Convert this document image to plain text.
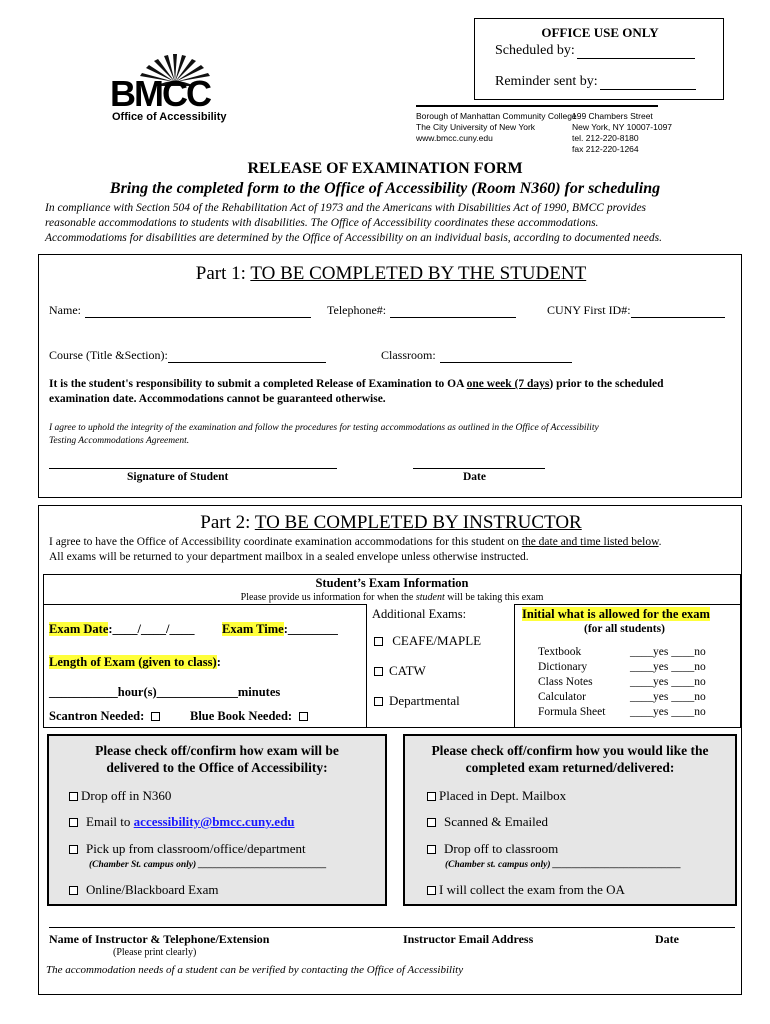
OFFICE USE ONLY
Scheduled by:
Reminder sent by:
BMCC
Office of Accessibility	Borough of Manhattan Community College
The City University of New York
www.bmcc.cuny.edu
199 Chambers Street
New York, NY 10007-1097
tel. 212-220-8180
fax 212-220-1264
RELEASE OF EXAMINATION FORM
Bring the completed form to the Office of Accessibility (Room N360) for scheduling
In compliance with Section 504 of the Rehabilitation Act of 1973 and the Americans with Disabilities Act of 1990, BMCC provides
reasonable accommodations to students with disabilities. The Office of Accessibility coordinates these accommodations.
Accommodatioms for disabilities are determined by the Office of Accessibility on an individual basis, according to documented needs.
Part 1: TO BE COMPLETED BY THE STUDENT
Name:	Telephone#:	CUNY First ID#:
Course (Title &Section):	Classroom:
It is the student's responsibility to submit a completed Release of Examination to OA one week (7 days) prior to the scheduled
examination date. Accommodations cannot be guaranteed otherwise.
I agree to uphold the integrity of the examination and follow the procedures for testing accommodations as outlined in the Office of Accessibility
Testing Accommodations Agreement.
Signature of Student	Date
Part 2: TO BE COMPLETED BY INSTRUCTOR
I agree to have the Office of Accessibility coordinate examination accommodations for this student on the date and time listed below.
All exams will be returned to your department mailbox in a sealed envelope unless otherwise instructed.
Student’s Exam Information
Please provide us information for when the student will be taking this exam
Exam Date:____/____/____ Exam Time:________
Length of Exam (given to class):
___________hour(s)_____________minutes
Scantron Needed:	Blue Book Needed:
Additional Exams:
CEAFE/MAPLE
CATW
Departmental
Initial what is allowed for the exam
(for all students)
Textbook	____yes ____no
Dictionary	____yes ____no
Class Notes	____yes ____no
Calculator	____yes ____no
Formula Sheet ____yes ____no
Please check off/confirm how exam will be
delivered to the Office of Accessibility:
Drop off in N360
Email to accessibility@bmcc.cuny.edu
Pick up from classroom/office/department
(Chamber St. campus only) ___________________________
Online/Blackboard Exam
Please check off/confirm how you would like the
completed exam returned/delivered:
Placed in Dept. Mailbox
Scanned & Emailed
Drop off to classroom
(Chamber st. campus only) ___________________________
I will collect the exam from the OA
Name of Instructor & Telephone/Extension
(Please print clearly)
Instructor Email Address	Date
The accommodation needs of a student can be verified by contacting the Office of Accessibility
